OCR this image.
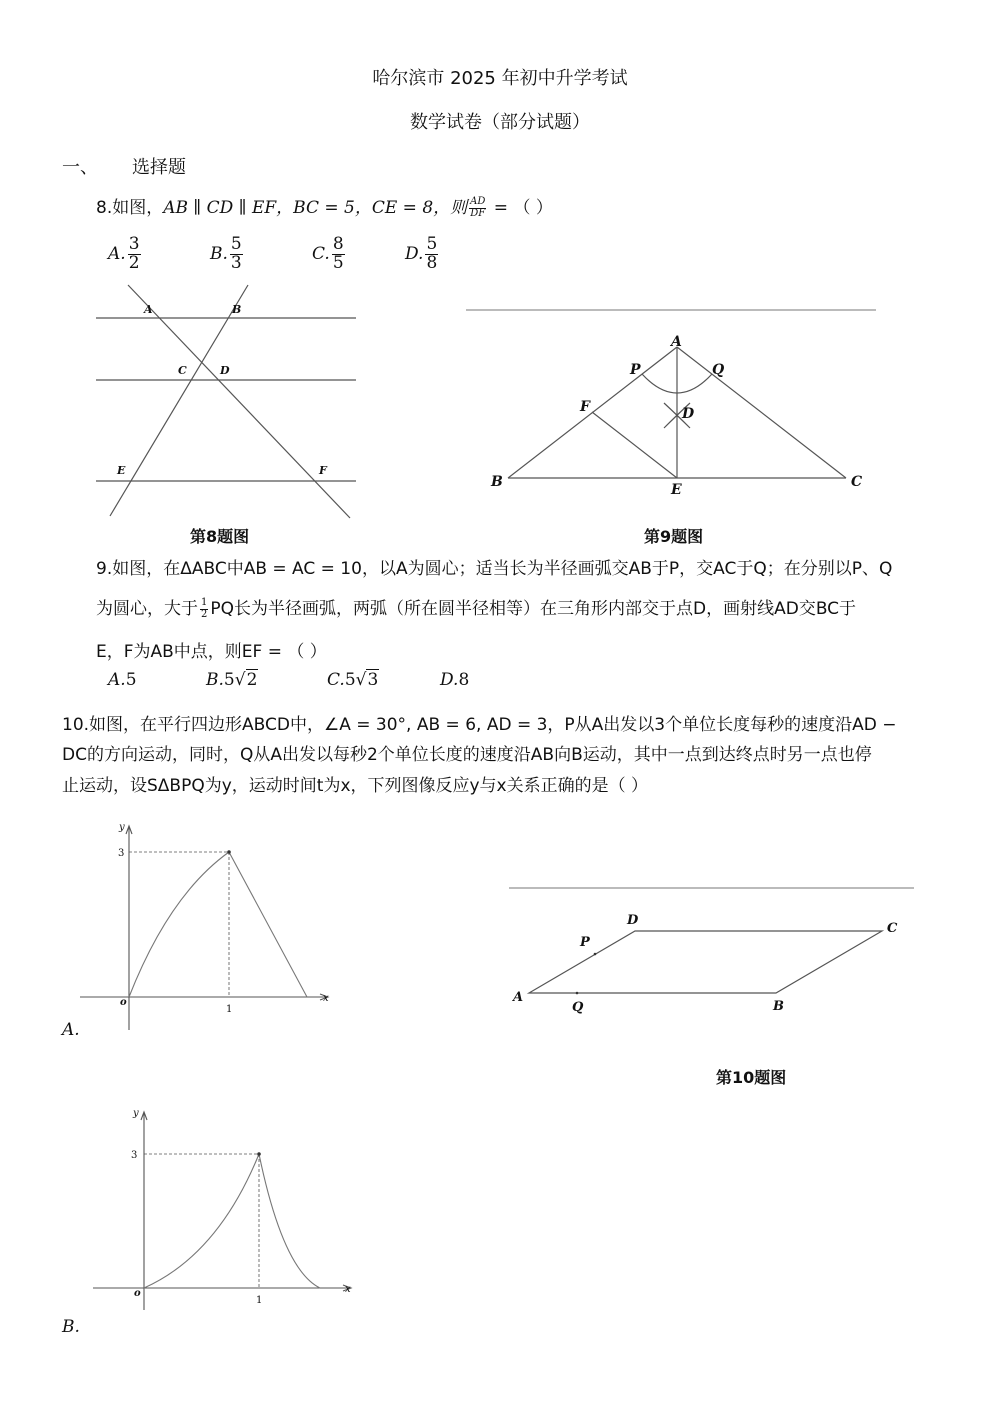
哈尔滨市 2025 年初中升学考试
数学试卷（部分试题）
一、 选择题
8.如图，AB ∥ CD ∥ EF，BC = 5，CE = 8，则 $\frac{AD}{DF}$ = （ ）
A. $\frac{3}{2}$	B. $\frac{5}{3}$	C. $\frac{8}{5}$	D. $\frac{5}{8}$
A	B
C	D
E	F
第8题图
A
P	Q
F	D
B	E	C
第9题图
9.如图，在ΔABC中AB = AC = 10，以A为圆心；适当长为半径画弧交AB于P，交AC于Q；在分别以P、Q
为圆心，大于 $\frac{1}{2}$ PQ长为半径画弧，两弧（所在圆半径相等）在三角形内部交于点D，画射线AD交BC于
E，F为AB中点，则EF = （ ）
A.5	B.5√2	C.5√3	D.8
10.如图，在平行四边形ABCD中，∠A = 30°, AB = 6, AD = 3，P从A出发以3个单位长度每秒的速度沿AD −
DC的方向运动，同时，Q从A出发以每秒2个单位长度的速度沿AB向B运动，其中一点到达终点时另一点也停
止运动，设SΔBPQ为y，运动时间t为x，下列图像反应y与x关系正确的是（ ）
y
x
o
3
1
A.
A
B
C
D
P
Q
第10题图
y
x
o
3
1
B.
